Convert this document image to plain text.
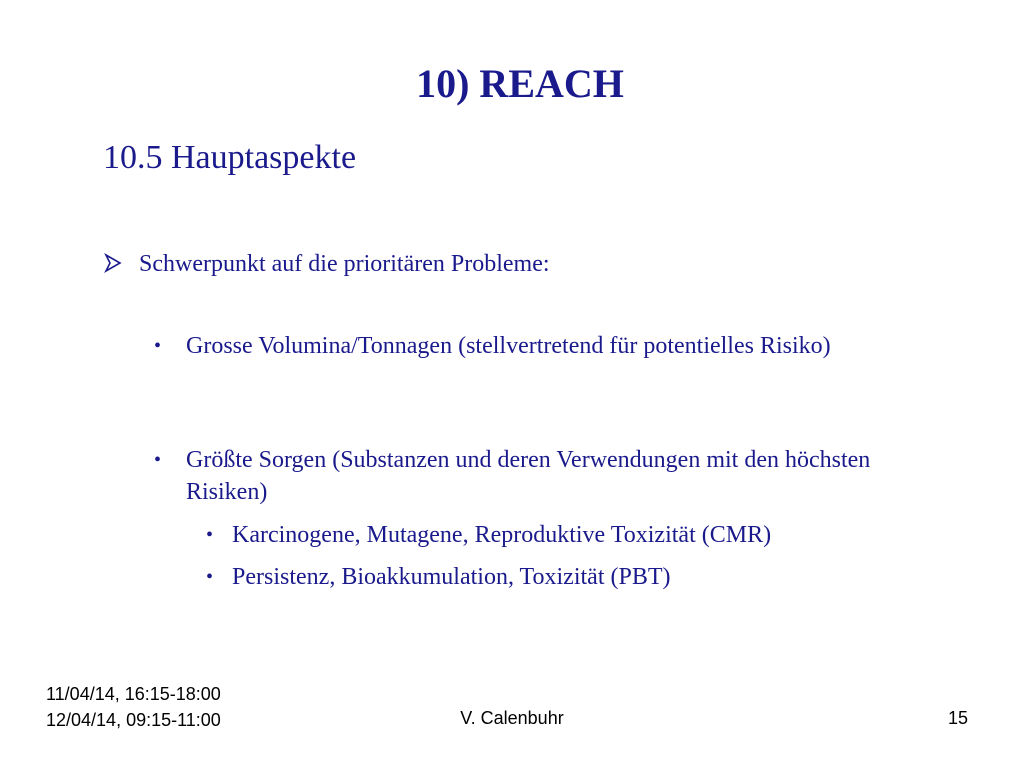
10) REACH
10.5 Hauptaspekte
Schwerpunkt auf die prioritären Probleme:
• Grosse Volumina/Tonnagen (stellvertretend für potentielles Risiko)
• Größte Sorgen (Substanzen und deren Verwendungen mit den höchsten Risiken)
• Karcinogene, Mutagene, Reproduktive Toxizität (CMR)
• Persistenz, Bioakkumulation, Toxizität (PBT)
11/04/14, 16:15-18:00
12/04/14, 09:15-11:00	V. Calenbuhr	15
